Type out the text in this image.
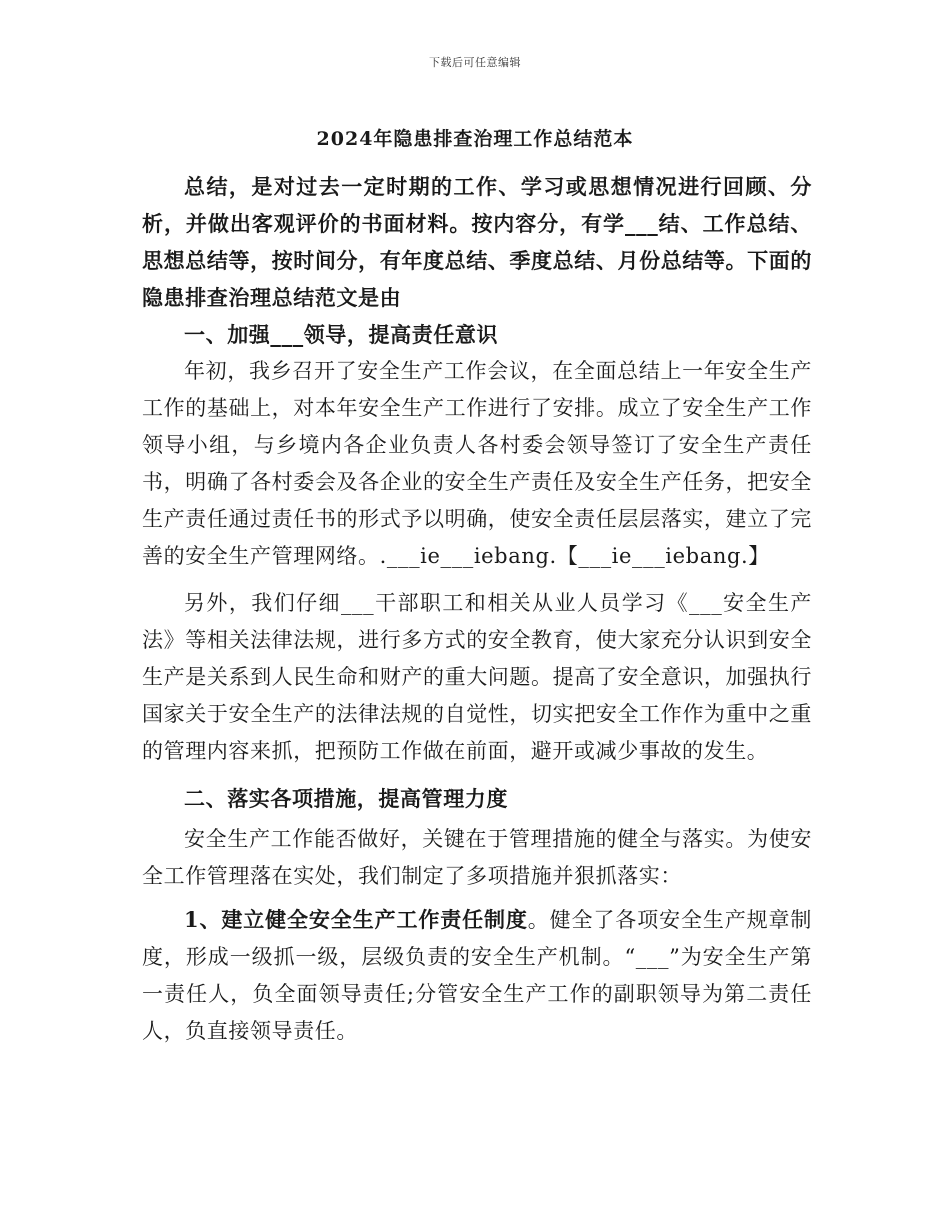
下载后可任意编辑
2024年隐患排查治理工作总结范本

总结，是对过去一定时期的工作、学习或思想情况进行回顾、分析，并做出客观评价的书面材料。按内容分，有学___结、工作总结、思想总结等，按时间分，有年度总结、季度总结、月份总结等。下面的隐患排查治理总结范文是由

一、加强___领导，提高责任意识

年初，我乡召开了安全生产工作会议，在全面总结上一年安全生产工作的基础上，对本年安全生产工作进行了安排。成立了安全生产工作领导小组，与乡境内各企业负责人各村委会领导签订了安全生产责任书，明确了各村委会及各企业的安全生产责任及安全生产任务，把安全生产责任通过责任书的形式予以明确，使安全责任层层落实，建立了完善的安全生产管理网络。.___ie___iebang.【___ie___iebang.】

另外，我们仔细___干部职工和相关从业人员学习《___安全生产法》等相关法律法规，进行多方式的安全教育，使大家充分认识到安全生产是关系到人民生命和财产的重大问题。提高了安全意识，加强执行国家关于安全生产的法律法规的自觉性，切实把安全工作作为重中之重的管理内容来抓，把预防工作做在前面，避开或减少事故的发生。

二、落实各项措施，提高管理力度

安全生产工作能否做好，关键在于管理措施的健全与落实。为使安全工作管理落在实处，我们制定了多项措施并狠抓落实：

1、建立健全安全生产工作责任制度。健全了各项安全生产规章制度，形成一级抓一级，层级负责的安全生产机制。“___”为安全生产第一责任人，负全面领导责任;分管安全生产工作的副职领导为第二责任人，负直接领导责任。
